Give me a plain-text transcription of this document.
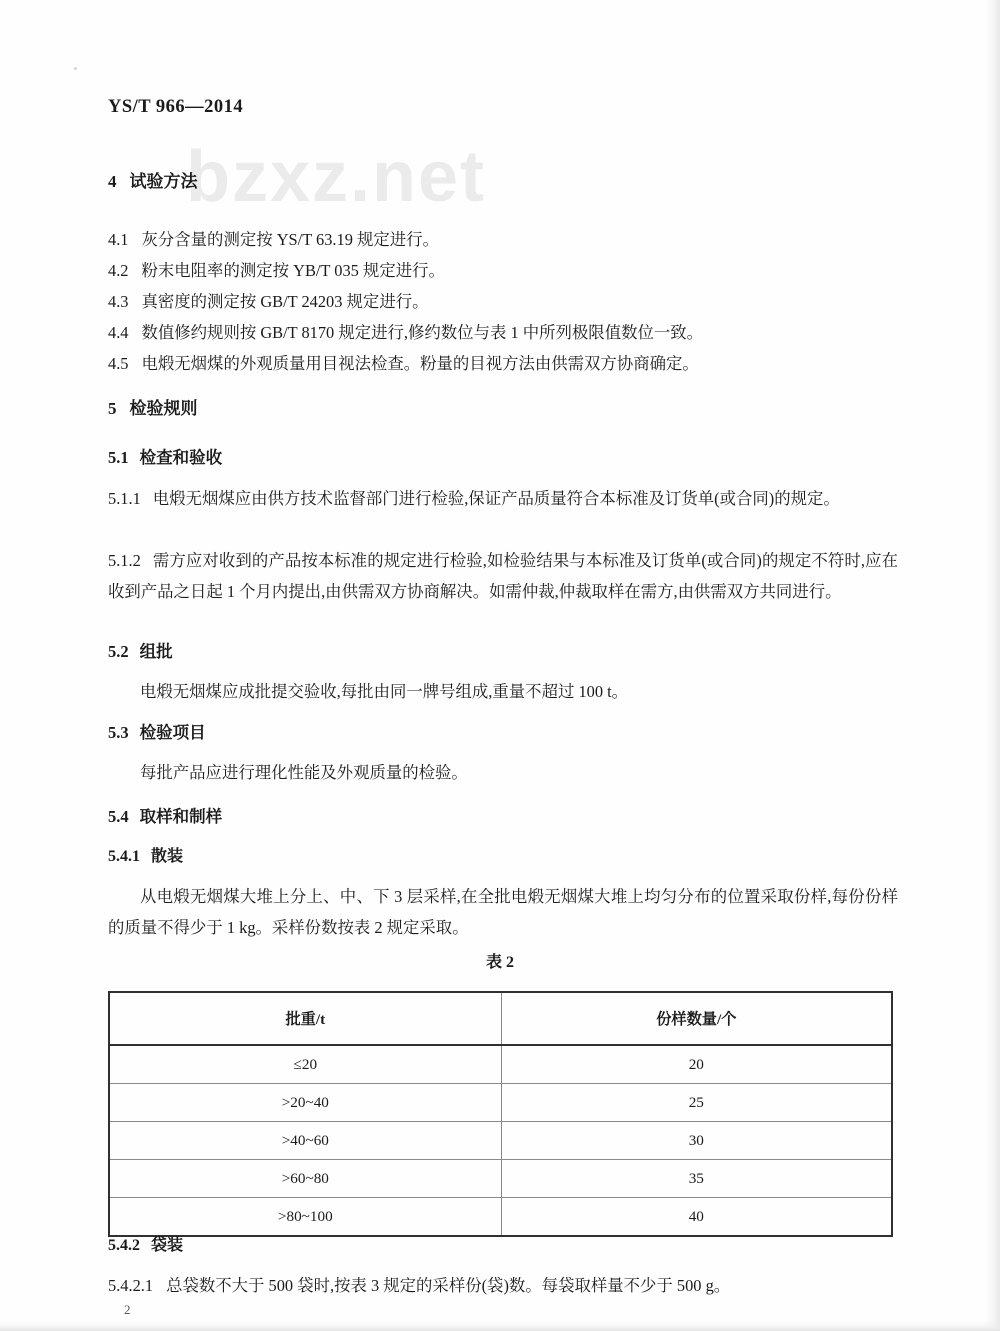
bzxz.net
YS/T 966—2014
4 试验方法
4.1 灰分含量的测定按 YS/T 63.19 规定进行。
4.2 粉末电阻率的测定按 YB/T 035 规定进行。
4.3 真密度的测定按 GB/T 24203 规定进行。
4.4 数值修约规则按 GB/T 8170 规定进行,修约数位与表 1 中所列极限值数位一致。
4.5 电煅无烟煤的外观质量用目视法检查。粉量的目视方法由供需双方协商确定。
5 检验规则
5.1 检查和验收
5.1.1 电煅无烟煤应由供方技术监督部门进行检验,保证产品质量符合本标准及订货单(或合同)的规定。
5.1.2 需方应对收到的产品按本标准的规定进行检验,如检验结果与本标准及订货单(或合同)的规定不符时,应在收到产品之日起 1 个月内提出,由供需双方协商解决。如需仲裁,仲裁取样在需方,由供需双方共同进行。
5.2 组批
电煅无烟煤应成批提交验收,每批由同一牌号组成,重量不超过 100 t。
5.3 检验项目
每批产品应进行理化性能及外观质量的检验。
5.4 取样和制样
5.4.1 散装
从电煅无烟煤大堆上分上、中、下 3 层采样,在全批电煅无烟煤大堆上均匀分布的位置采取份样,每份份样的质量不得少于 1 kg。采样份数按表 2 规定采取。
表 2
批重/t	份样数量/个
≤20	20
>20~40	25
>40~60	30
>60~80	35
>80~100	40
5.4.2 袋装
5.4.2.1 总袋数不大于 500 袋时,按表 3 规定的采样份(袋)数。每袋取样量不少于 500 g。
2
